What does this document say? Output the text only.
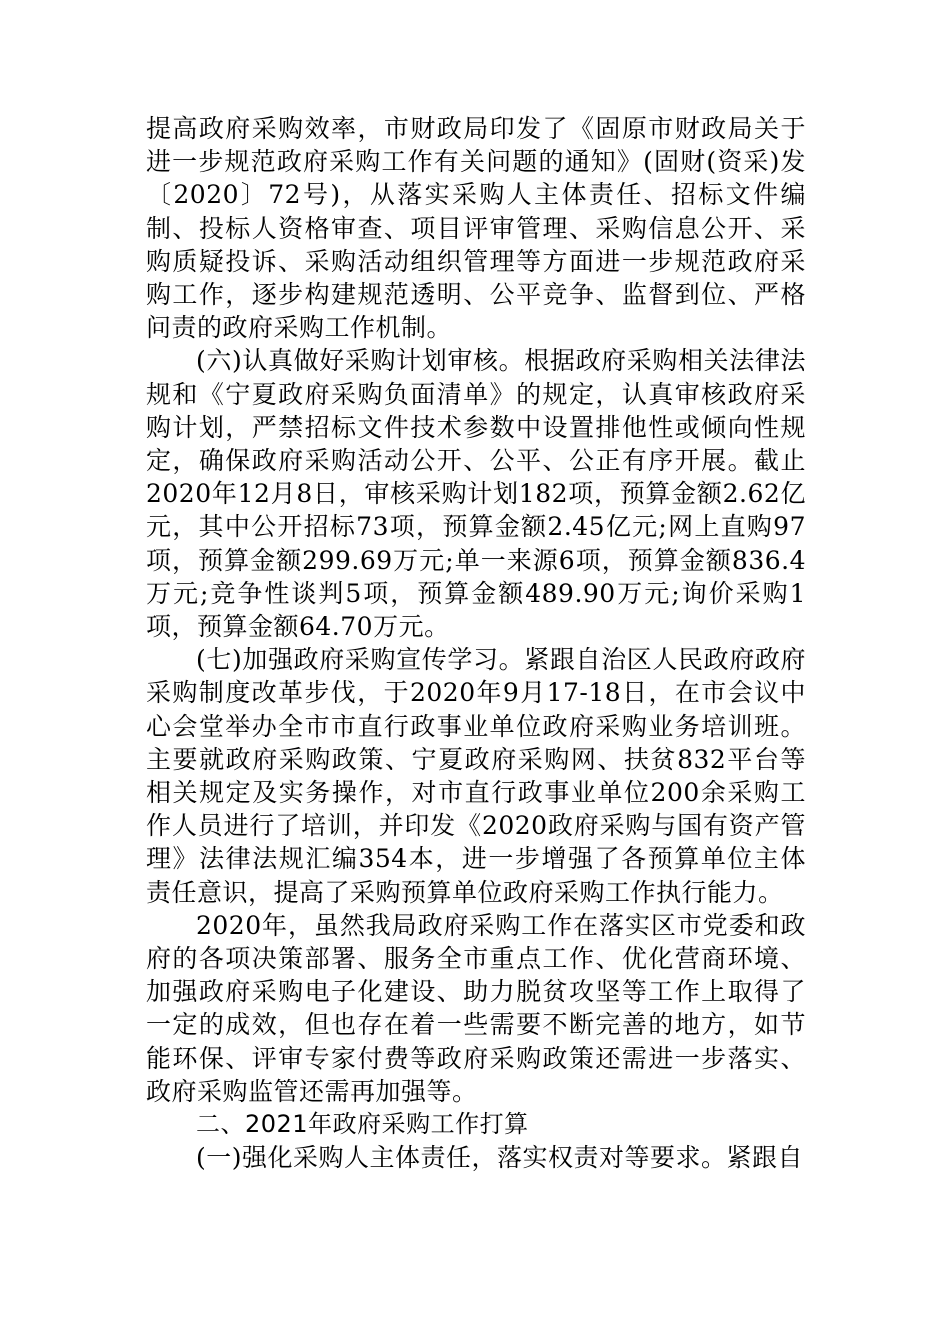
提高政府采购效率，市财政局印发了《固原市财政局关于进一步规范政府采购工作有关问题的通知》(固财(资采)发〔2020〕72号)，从落实采购人主体责任、招标文件编制、投标人资格审查、项目评审管理、采购信息公开、采购质疑投诉、采购活动组织管理等方面进一步规范政府采购工作，逐步构建规范透明、公平竞争、监督到位、严格问责的政府采购工作机制。

(六)认真做好采购计划审核。根据政府采购相关法律法规和《宁夏政府采购负面清单》的规定，认真审核政府采购计划，严禁招标文件技术参数中设置排他性或倾向性规定，确保政府采购活动公开、公平、公正有序开展。截止2020年12月8日，审核采购计划182项，预算金额2.62亿元，其中公开招标73项，预算金额2.45亿元;网上直购97项，预算金额299.69万元;单一来源6项，预算金额836.4万元;竞争性谈判5项，预算金额489.90万元;询价采购1项，预算金额64.70万元。

(七)加强政府采购宣传学习。紧跟自治区人民政府政府采购制度改革步伐，于2020年9月17-18日，在市会议中心会堂举办全市市直行政事业单位政府采购业务培训班。主要就政府采购政策、宁夏政府采购网、扶贫832平台等相关规定及实务操作，对市直行政事业单位200余采购工作人员进行了培训，并印发《2020政府采购与国有资产管理》法律法规汇编354本，进一步增强了各预算单位主体责任意识，提高了采购预算单位政府采购工作执行能力。

2020年，虽然我局政府采购工作在落实区市党委和政府的各项决策部署、服务全市重点工作、优化营商环境、加强政府采购电子化建设、助力脱贫攻坚等工作上取得了一定的成效，但也存在着一些需要不断完善的地方，如节能环保、评审专家付费等政府采购政策还需进一步落实、政府采购监管还需再加强等。

二、2021年政府采购工作打算

(一)强化采购人主体责任，落实权责对等要求。紧跟自
